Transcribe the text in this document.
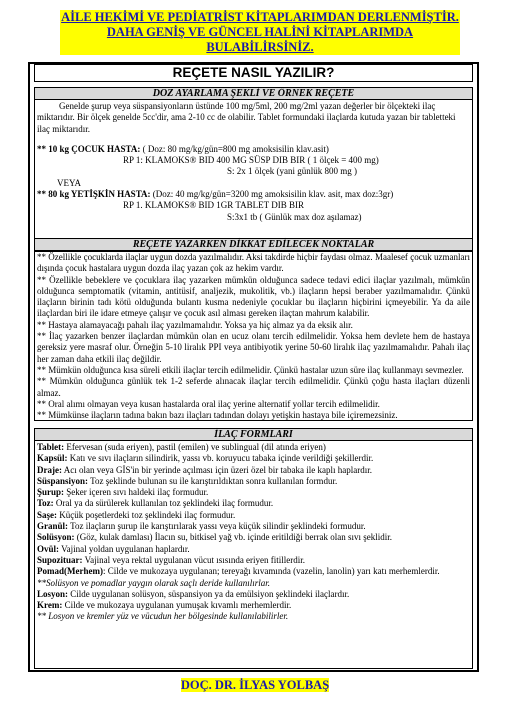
AİLE HEKİMİ VE PEDİATRİST KİTAPLARIMDAN DERLENMİŞTİR.
DAHA GENİŞ VE GÜNCEL HALİNİ KİTAPLARIMDA BULABİLİRSİNİZ.
REÇETE NASIL YAZILIR?
DOZ AYARLAMA ŞEKLİ VE ÖRNEK REÇETE

Genelde şurup veya süspansiyonların üstünde 100 mg/5ml, 200 mg/2ml yazan değerler bir ölçekteki ilaç miktarıdır. Bir ölçek genelde 5cc'dir, ama 2-10 cc de olabilir. Tablet formundaki ilaçlarda kutuda yazan bir tabletteki ilaç miktarıdır.

** 10 kg ÇOCUK HASTA: ( Doz: 80 mg/kg/gün=800 mg amoksisilin klav.asit)

RP 1: KLAMOKS® BID 400 MG SÜSP DIB BIR ( 1 ölçek = 400 mg)

S: 2x 1 ölçek (yani günlük 800 mg )

VEYA

** 80 kg YETİŞKİN HASTA: (Doz: 40 mg/kg/gün=3200 mg amoksisilin klav. asit, max doz:3gr)

RP 1. KLAMOKS® BID 1GR TABLET DIB BIR

S:3x1 tb ( Günlük max doz aşılamaz)

REÇETE YAZARKEN DİKKAT EDİLECEK NOKTALAR

** Özellikle çocuklarda ilaçlar uygun dozda yazılmalıdır. Aksi takdirde hiçbir faydası olmaz. Maalesef çocuk uzmanları dışında çocuk hastalara uygun dozda ilaç yazan çok az hekim vardır.

** Özellikle bebeklere ve çocuklara ilaç yazarken mümkün olduğunca sadece tedavi edici ilaçlar yazılmalı, mümkün olduğunca semptomatik (vitamin, antitüsif, analjezik, mukolitik, vb.) ilaçların hepsi beraber yazılmamalıdır. Çünkü ilaçların birinin tadı kötü olduğunda bulantı kusma nedeniyle çocuklar bu ilaçların hiçbirini içmeyebilir. Ya da aile ilaçlardan biri ile idare etmeye çalışır ve çocuk asıl alması gereken ilaçtan mahrum kalabilir.

** Hastaya alamayacağı pahalı ilaç yazılmamalıdır. Yoksa ya hiç almaz ya da eksik alır.

** İlaç yazarken benzer ilaçlardan mümkün olan en ucuz olanı tercih edilmelidir. Yoksa hem devlete hem de hastaya gereksiz yere masraf olur. Örneğin 5-10 liralık PPI veya antibiyotik yerine 50-60 liralık ilaç yazılmamalıdır. Pahalı ilaç her zaman daha etkili ilaç değildir.

** Mümkün olduğunca kısa süreli etkili ilaçlar tercih edilmelidir. Çünkü hastalar uzun süre ilaç kullanmayı sevmezler.

** Mümkün olduğunca günlük tek 1-2 seferde alınacak ilaçlar tercih edilmelidir. Çünkü çoğu hasta ilaçları düzenli almaz.

** Oral alımı olmayan veya kusan hastalarda oral ilaç yerine alternatif yollar tercih edilmelidir.

** Mümkünse ilaçların tadına bakın bazı ilaçları tadından dolayı yetişkin hastaya bile içiremezsiniz.

İLAÇ FORMLARI

Tablet: Efervesan (suda eriyen), pastil (emilen) ve sublingual (dil atında eriyen)

Kapsül: Katı ve sıvı ilaçların silindirik, yassı vb. koruyucu tabaka içinde verildiği şekillerdir.

Draje: Acı olan veya GİS'in bir yerinde açılması için üzeri özel bir tabaka ile kaplı haplardır.

Süspansiyon: Toz şeklinde bulunan su ile karıştırıldıktan sonra kullanılan formdur.

Şurup: Şeker içeren sıvı haldeki ilaç formudur.

Toz: Oral ya da sürülerek kullanılan toz şeklindeki ilaç formudur.

Saşe: Küçük poşetlerdeki toz şeklindeki ilaç formudur.

Granül: Toz ilaçların şurup ile karıştırılarak yassı veya küçük silindir şeklindeki formudur.

Solüsyon: (Göz, kulak damlası) İlacın su, bitkisel yağ vb. içinde eritildiği berrak olan sıvı şeklidir.

Ovül: Vajinal yoldan uygulanan haplardır.

Supozituar: Vajinal veya rektal uygulanan vücut ısısında eriyen fitillerdir.

Pomad(Merhem): Cilde ve mukozaya uygulanan; tereyağı kıvamında (vazelin, lanolin) yarı katı merhemlerdir.

**Solüsyon ve pomadlar yaygın olarak saçlı deride kullanılırlar.

Losyon: Cilde uygulanan solüsyon, süspansiyon ya da emülsiyon şeklindeki ilaçlardır.

Krem: Cilde ve mukozaya uygulanan yumuşak kıvamlı merhemlerdir.

** Losyon ve kremler yüz ve vücudun her bölgesinde kullanılabilirler.

DOÇ. DR. İLYAS YOLBAŞ
